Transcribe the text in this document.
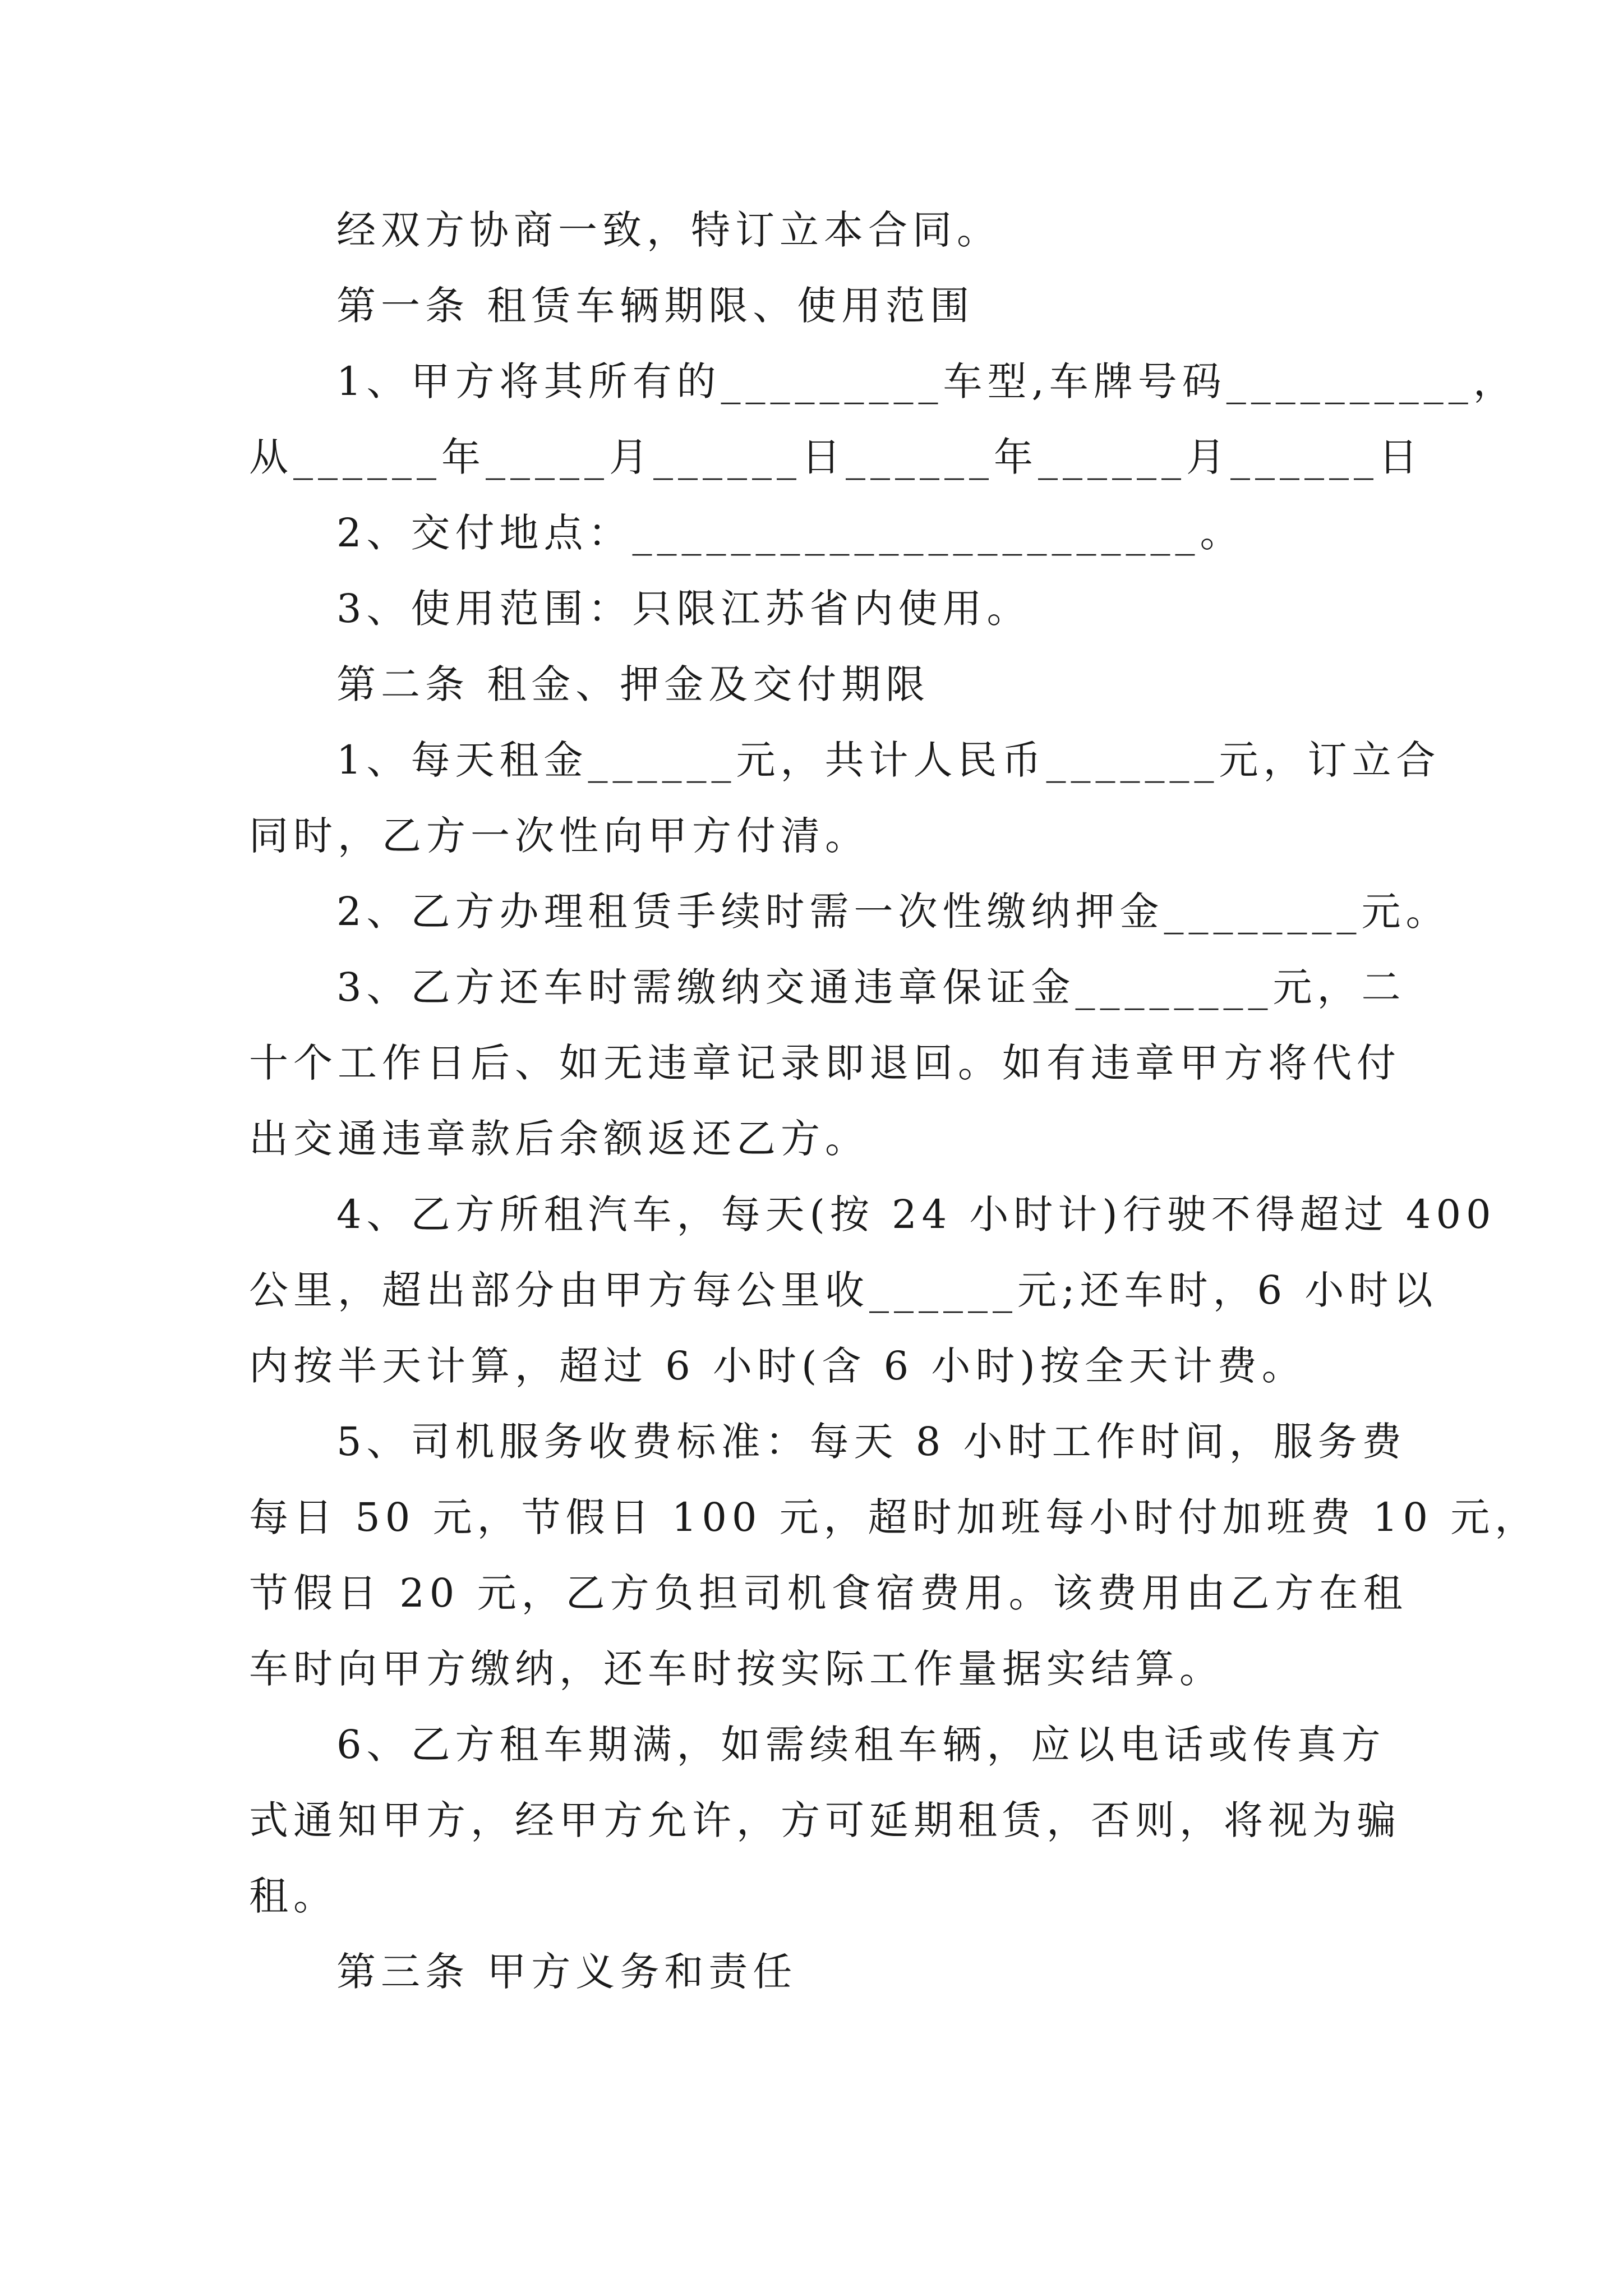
经双方协商一致，特订立本合同。
第一条 租赁车辆期限、使用范围
1、甲方将其所有的_________车型,车牌号码__________，
从______年_____月______日______年______月______日
2、交付地点：_______________________。
3、使用范围：只限江苏省内使用。
第二条 租金、押金及交付期限
1、每天租金______元，共计人民币_______元，订立合
同时，乙方一次性向甲方付清。
2、乙方办理租赁手续时需一次性缴纳押金________元。
3、乙方还车时需缴纳交通违章保证金________元，二
十个工作日后、如无违章记录即退回。如有违章甲方将代付
出交通违章款后余额返还乙方。
4、乙方所租汽车，每天(按 24 小时计)行驶不得超过 400
公里，超出部分由甲方每公里收______元;还车时，6 小时以
内按半天计算，超过 6 小时(含 6 小时)按全天计费。
5、司机服务收费标准：每天 8 小时工作时间，服务费
每日 50 元，节假日 100 元，超时加班每小时付加班费 10 元，
节假日 20 元，乙方负担司机食宿费用。该费用由乙方在租
车时向甲方缴纳，还车时按实际工作量据实结算。
6、乙方租车期满，如需续租车辆，应以电话或传真方
式通知甲方，经甲方允许，方可延期租赁，否则，将视为骗
租。
第三条 甲方义务和责任
